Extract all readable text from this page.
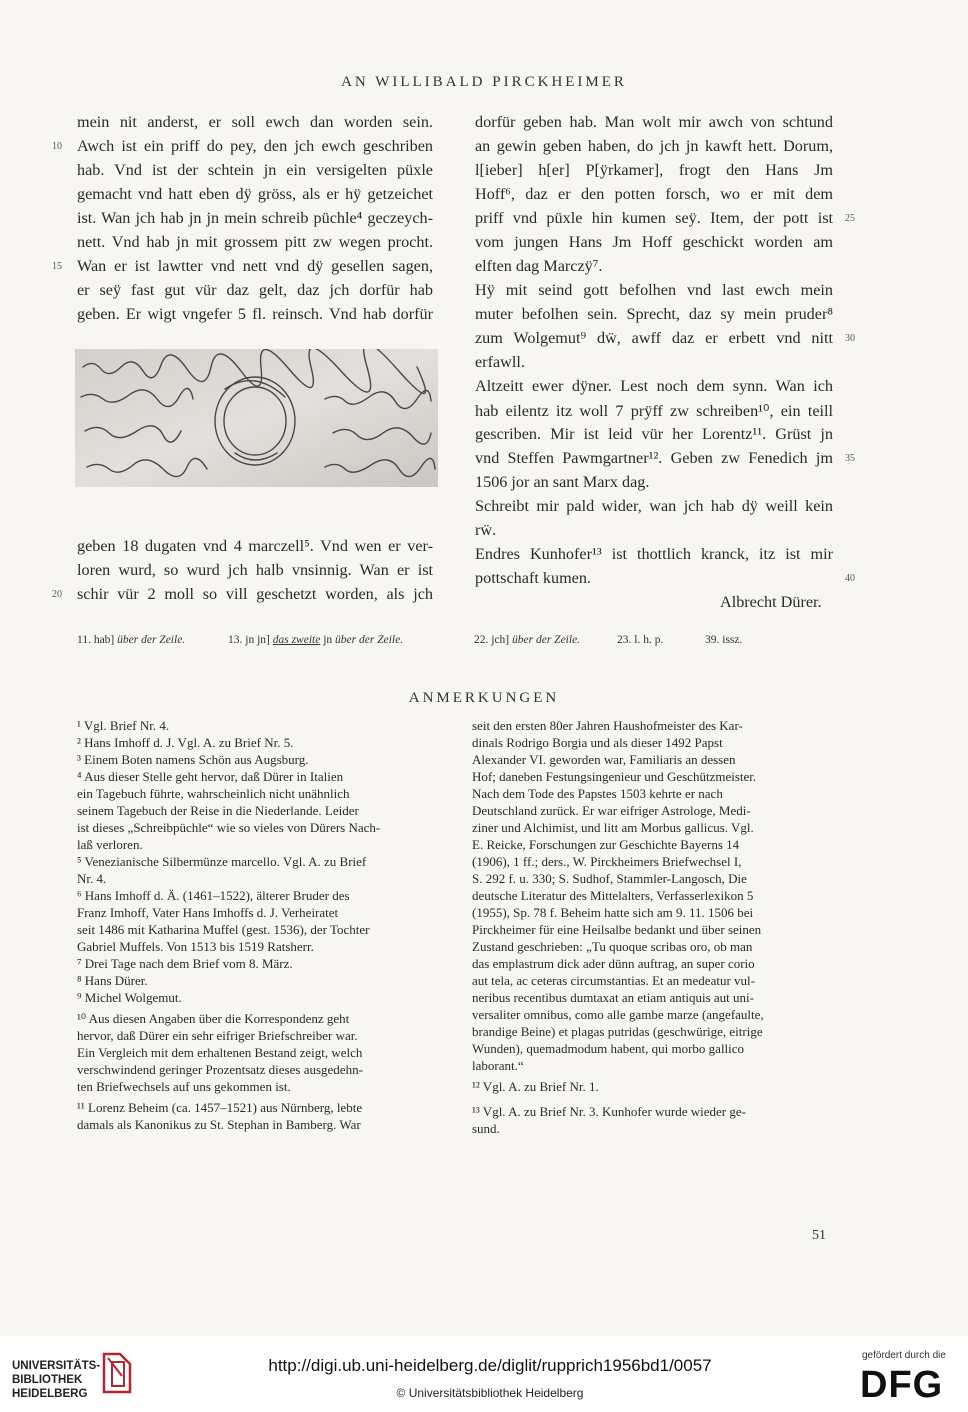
AN WILLIBALD PIRCKHEIMER
mein nit anderst, er soll ewch dan worden sein.
Awch ist ein priff do pey, den jch ewch geschriben
hab. Vnd ist der schtein jn ein versigelten püxle
gemacht vnd hatt eben dÿ gröss, als er hÿ getzeichet
ist. Wan jch hab jn jn mein schreib püchle⁴ geczeych-
nett. Vnd hab jn mit grossem pitt zw wegen procht.
Wan er ist lawtter vnd nett vnd dÿ gesellen sagen,
er seÿ fast gut vür daz gelt, daz jch dorfür hab
geben. Er wigt vngefer 5 fl. reinsch. Vnd hab dorfür
geben 18 dugaten vnd 4 marczell⁵. Vnd wen er ver-
loren wurd, so wurd jch halb vnsinnig. Wan er ist
schir vür 2 moll so vill geschetzt worden, als jch
dorfür geben hab. Man wolt mir awch von schtund
an gewin geben haben, do jch jn kawft hett. Dorum,
l[ieber] h[er] P[ÿrkamer], frogt den Hans Jm
Hoff⁶, daz er den potten forsch, wo er mit dem
priff vnd püxle hin kumen seÿ. Item, der pott ist
vom jungen Hans Jm Hoff geschickt worden am
elften dag Marczÿ⁷.
Hÿ mit seind gott befolhen vnd last ewch mein
muter befolhen sein. Sprecht, daz sy mein pruder⁸
zum Wolgemut⁹ dẅ, awff daz er erbett vnd nitt
erfawll.
Altzeitt ewer dÿner. Lest noch dem synn. Wan ich
hab eilentz itz woll 7 prÿff zw schreiben¹⁰, ein teill
gescriben. Mir ist leid vür her Lorentz¹¹. Grüst jn
vnd Steffen Pawmgartner¹². Geben zw Fenedich jm
1506 jor an sant Marx dag.
Schreibt mir pald wider, wan jch hab dÿ weill kein
rẅ.
Endres Kunhofer¹³ ist thottlich kranck, itz ist mir
pottschaft kumen.
Albrecht Dürer.
10
15
20
25
30
35
40
11. hab] über der Zeile.	13. jn jn] das zweite jn über der Zeile.	22. jch] über der Zeile.	23. l. h. p.	39. issz.
ANMERKUNGEN
¹ Vgl. Brief Nr. 4.
² Hans Imhoff d. J. Vgl. A. zu Brief Nr. 5.
³ Einem Boten namens Schön aus Augsburg.
⁴ Aus dieser Stelle geht hervor, daß Dürer in Italien
ein Tagebuch führte, wahrscheinlich nicht unähnlich
seinem Tagebuch der Reise in die Niederlande. Leider
ist dieses „Schreibpüchle“ wie so vieles von Dürers Nach-
laß verloren.
⁵ Venezianische Silbermünze marcello. Vgl. A. zu Brief
Nr. 4.
⁶ Hans Imhoff d. Ä. (1461–1522), älterer Bruder des
Franz Imhoff, Vater Hans Imhoffs d. J. Verheiratet
seit 1486 mit Katharina Muffel (gest. 1536), der Tochter
Gabriel Muffels. Von 1513 bis 1519 Ratsherr.
⁷ Drei Tage nach dem Brief vom 8. März.
⁸ Hans Dürer.
⁹ Michel Wolgemut.
¹⁰ Aus diesen Angaben über die Korrespondenz geht
hervor, daß Dürer ein sehr eifriger Briefschreiber war.
Ein Vergleich mit dem erhaltenen Bestand zeigt, welch
verschwindend geringer Prozentsatz dieses ausgedehn-
ten Briefwechsels auf uns gekommen ist.
¹¹ Lorenz Beheim (ca. 1457–1521) aus Nürnberg, lebte
damals als Kanonikus zu St. Stephan in Bamberg. War
seit den ersten 80er Jahren Haushofmeister des Kar-
dinals Rodrigo Borgia und als dieser 1492 Papst
Alexander VI. geworden war, Familiaris an dessen
Hof; daneben Festungsingenieur und Geschützmeister.
Nach dem Tode des Papstes 1503 kehrte er nach
Deutschland zurück. Er war eifriger Astrologe, Medi-
ziner und Alchimist, und litt am Morbus gallicus. Vgl.
E. Reicke, Forschungen zur Geschichte Bayerns 14
(1906), 1 ff.; ders., W. Pirckheimers Briefwechsel I,
S. 292 f. u. 330; S. Sudhof, Stammler-Langosch, Die
deutsche Literatur des Mittelalters, Verfasserlexikon 5
(1955), Sp. 78 f. Beheim hatte sich am 9. 11. 1506 bei
Pirckheimer für eine Heilsalbe bedankt und über seinen
Zustand geschrieben: „Tu quoque scribas oro, ob man
das emplastrum dick ader dünn auftrag, an super corio
aut tela, ac ceteras circumstantias. Et an medeatur vul-
neribus recentibus dumtaxat an etiam antiquis aut uni-
versaliter omnibus, como alle gambe marze (angefaulte,
brandige Beine) et plagas putridas (geschwürige, eitrige
Wunden), quemadmodum habent, qui morbo gallico
laborant.“
¹² Vgl. A. zu Brief Nr. 1.
¹³ Vgl. A. zu Brief Nr. 3. Kunhofer wurde wieder ge-
sund.
51
UNIVERSITÄTS-
BIBLIOTHEK
HEIDELBERG
http://digi.ub.uni-heidelberg.de/diglit/rupprich1956bd1/0057
© Universitätsbibliothek Heidelberg
gefördert durch die
DFG
